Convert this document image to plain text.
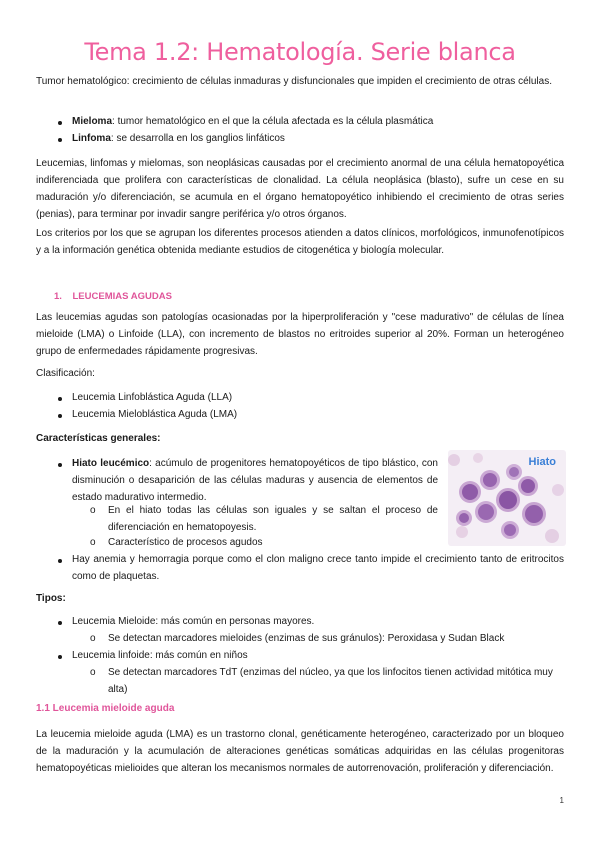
Tema 1.2: Hematología. Serie blanca

Tumor hematológico: crecimiento de células inmaduras y disfuncionales que impiden el crecimiento de otras células.

Mieloma: tumor hematológico en el que la célula afectada es la célula plasmática
Linfoma: se desarrolla en los ganglios linfáticos

Leucemias, linfomas y mielomas, son neoplásicas causadas por el crecimiento anormal de una célula hematopoyética indiferenciada que prolifera con características de clonalidad. La célula neoplásica (blasto), sufre un cese en su maduración y/o diferenciación, se acumula en el órgano hematopoyético inhibiendo el crecimiento de otras series (penias), para terminar por invadir sangre periférica y/o otros órganos.

Los criterios por los que se agrupan los diferentes procesos atienden a datos clínicos, morfológicos, inmunofenotípicos y a la información genética obtenida mediante estudios de citogenética y biología molecular.

1. LEUCEMIAS AGUDAS

Las leucemias agudas son patologías ocasionadas por la hiperproliferación y "cese madurativo" de células de línea mieloide (LMA) o Linfoide (LLA), con incremento de blastos no eritroides superior al 20%. Forman un heterogéneo grupo de enfermedades rápidamente progresivas.

Clasificación:
Leucemia Linfoblástica Aguda (LLA)
Leucemia Mieloblástica Aguda (LMA)
Características generales:

Hiato leucémico: acúmulo de progenitores hematopoyéticos de tipo blástico, con disminución o desaparición de las células maduras y ausencia de elementos de estado madurativo intermedio.

o En el hiato todas las células son iguales y se saltan el proceso de diferenciación en hematopoyesis.

o Característico de procesos agudos
Hiato

Hay anemia y hemorragia porque como el clon maligno crece tanto impide el crecimiento tanto de eritrocitos como de plaquetas.

Tipos:
Leucemia Mieloide: más común en personas mayores.
o Se detectan marcadores mieloides (enzimas de sus gránulos): Peroxidasa y Sudan Black
Leucemia linfoide: más común en niños
o Se detectan marcadores TdT (enzimas del núcleo, ya que los linfocitos tienen actividad mitótica muy alta)

1.1 Leucemia mieloide aguda

La leucemia mieloide aguda (LMA) es un trastorno clonal, genéticamente heterogéneo, caracterizado por un bloqueo de la maduración y la acumulación de alteraciones genéticas somáticas adquiridas en las células progenitoras hematopoyéticas mielioides que alteran los mecanismos normales de autorrenovación, proliferación y diferenciación.

1
